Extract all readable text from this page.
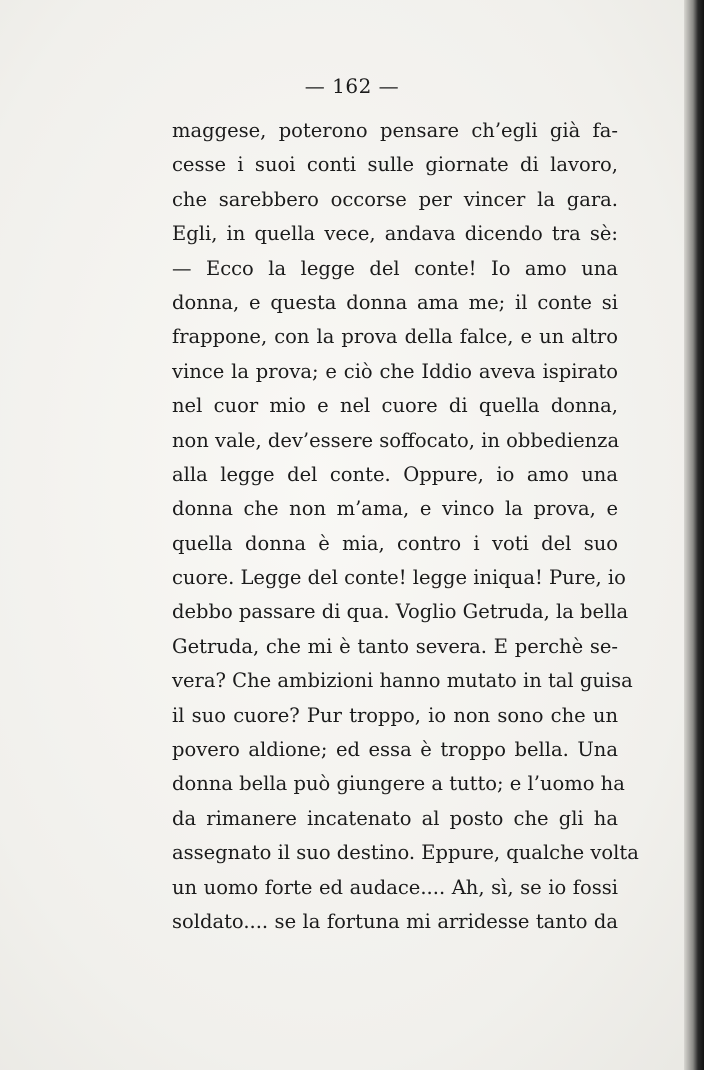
— 162 —
maggese, poterono pensare ch’egli già fa-
cesse i suoi conti sulle giornate di lavoro,
che sarebbero occorse per vincer la gara.
Egli, in quella vece, andava dicendo tra sè:
— Ecco la legge del conte! Io amo una
donna, e questa donna ama me; il conte si
frappone, con la prova della falce, e un altro
vince la prova; e ciò che Iddio aveva ispirato
nel cuor mio e nel cuore di quella donna,
non vale, dev’essere soffocato, in obbedienza
alla legge del conte. Oppure, io amo una
donna che non m’ama, e vinco la prova, e
quella donna è mia, contro i voti del suo
cuore. Legge del conte! legge iniqua! Pure, io
debbo passare di qua. Voglio Getruda, la bella
Getruda, che mi è tanto severa. E perchè se-
vera? Che ambizioni hanno mutato in tal guisa
il suo cuore? Pur troppo, io non sono che un
povero aldione; ed essa è troppo bella. Una
donna bella può giungere a tutto; e l’uomo ha
da rimanere incatenato al posto che gli ha
assegnato il suo destino. Eppure, qualche volta
un uomo forte ed audace.... Ah, sì, se io fossi
soldato.... se la fortuna mi arridesse tanto da
